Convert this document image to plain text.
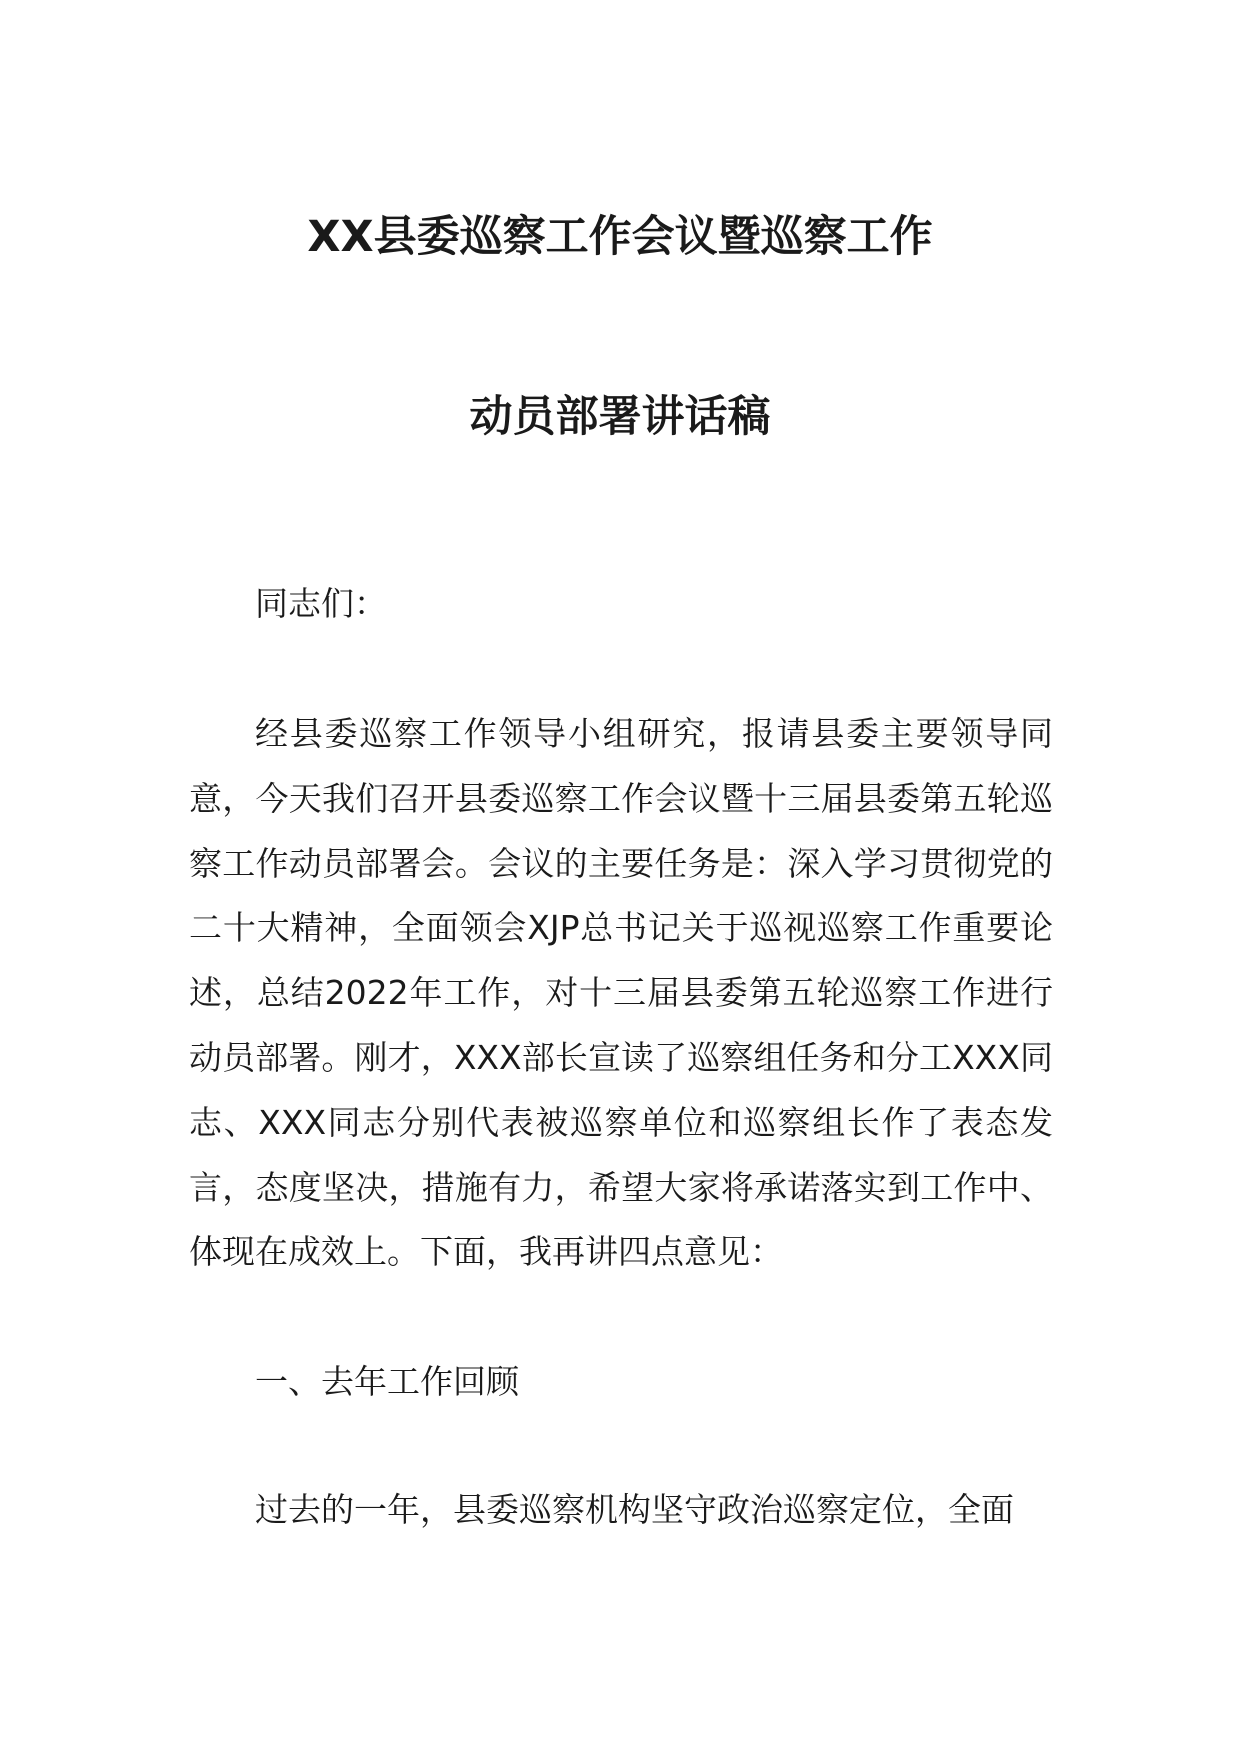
XX县委巡察工作会议暨巡察工作
动员部署讲话稿
同志们：
经县委巡察工作领导小组研究，报请县委主要领导同意，今天我们召开县委巡察工作会议暨十三届县委第五轮巡察工作动员部署会。会议的主要任务是：深入学习贯彻党的二十大精神，全面领会XJP总书记关于巡视巡察工作重要论述，总结2022年工作，对十三届县委第五轮巡察工作进行动员部署。刚才，XXX部长宣读了巡察组任务和分工XXX同志、XXX同志分别代表被巡察单位和巡察组长作了表态发言，态度坚决，措施有力，希望大家将承诺落实到工作中、体现在成效上。下面，我再讲四点意见：
一、去年工作回顾
过去的一年，县委巡察机构坚守政治巡察定位，全面
